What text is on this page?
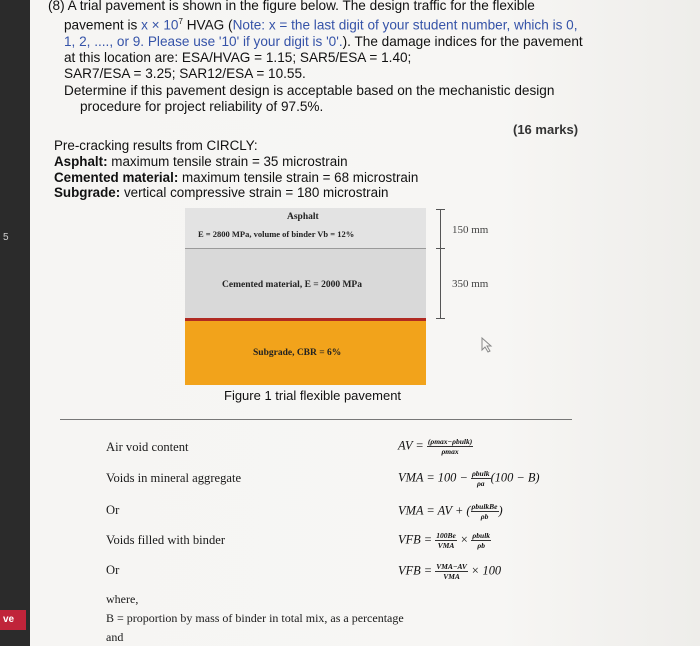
5
ve
(8) A trial pavement is shown in the figure below. The design traffic for the flexible

pavement is $x \times 10^7$ HVAG (Note: x = the last digit of your student number, which is 0,
1, 2, ...., or 9. Please use '10' if your digit is '0'.). The damage indices for the pavement
at this location are: ESA/HVAG = 1.15; SAR5/ESA = 1.40;
SAR7/ESA = 3.25; SAR12/ESA = 10.55.
Determine if this pavement design is acceptable based on the mechanistic design
procedure for project reliability of 97.5%.
(16 marks)
Pre-cracking results from CIRCLY:
Asphalt: maximum tensile strain = 35 microstrain
Cemented material: maximum tensile strain = 68 microstrain
Subgrade: vertical compressive strain = 180 microstrain
Asphalt
E = 2800 MPa, volume of binder Vb = 12%
Cemented material, E = 2000 MPa
Subgrade, CBR = 6%
150 mm
350 mm
Figure 1 trial flexible pavement
Air void content	AV = $\frac{\text{(ρmax−ρbulk)}}{\rho\max}$
Voids in mineral aggregate	VMA = $100 - \frac{\text{ρbulk}}{\rho a} (100 - B)$
Or	VMA = AV + ( $\frac{\text{ρbulkBe}}{\rho b}$ )
Voids filled with binder	VFB = $\frac{100Be}{\text{VMA}} \times \frac{\text{ρbulk}}{\rho b}$
Or	VFB = $\frac{\text{VMA−AV}}{\text{VMA}} \times 100$
where,
B = proportion by mass of binder in total mix, as a percentage
and
